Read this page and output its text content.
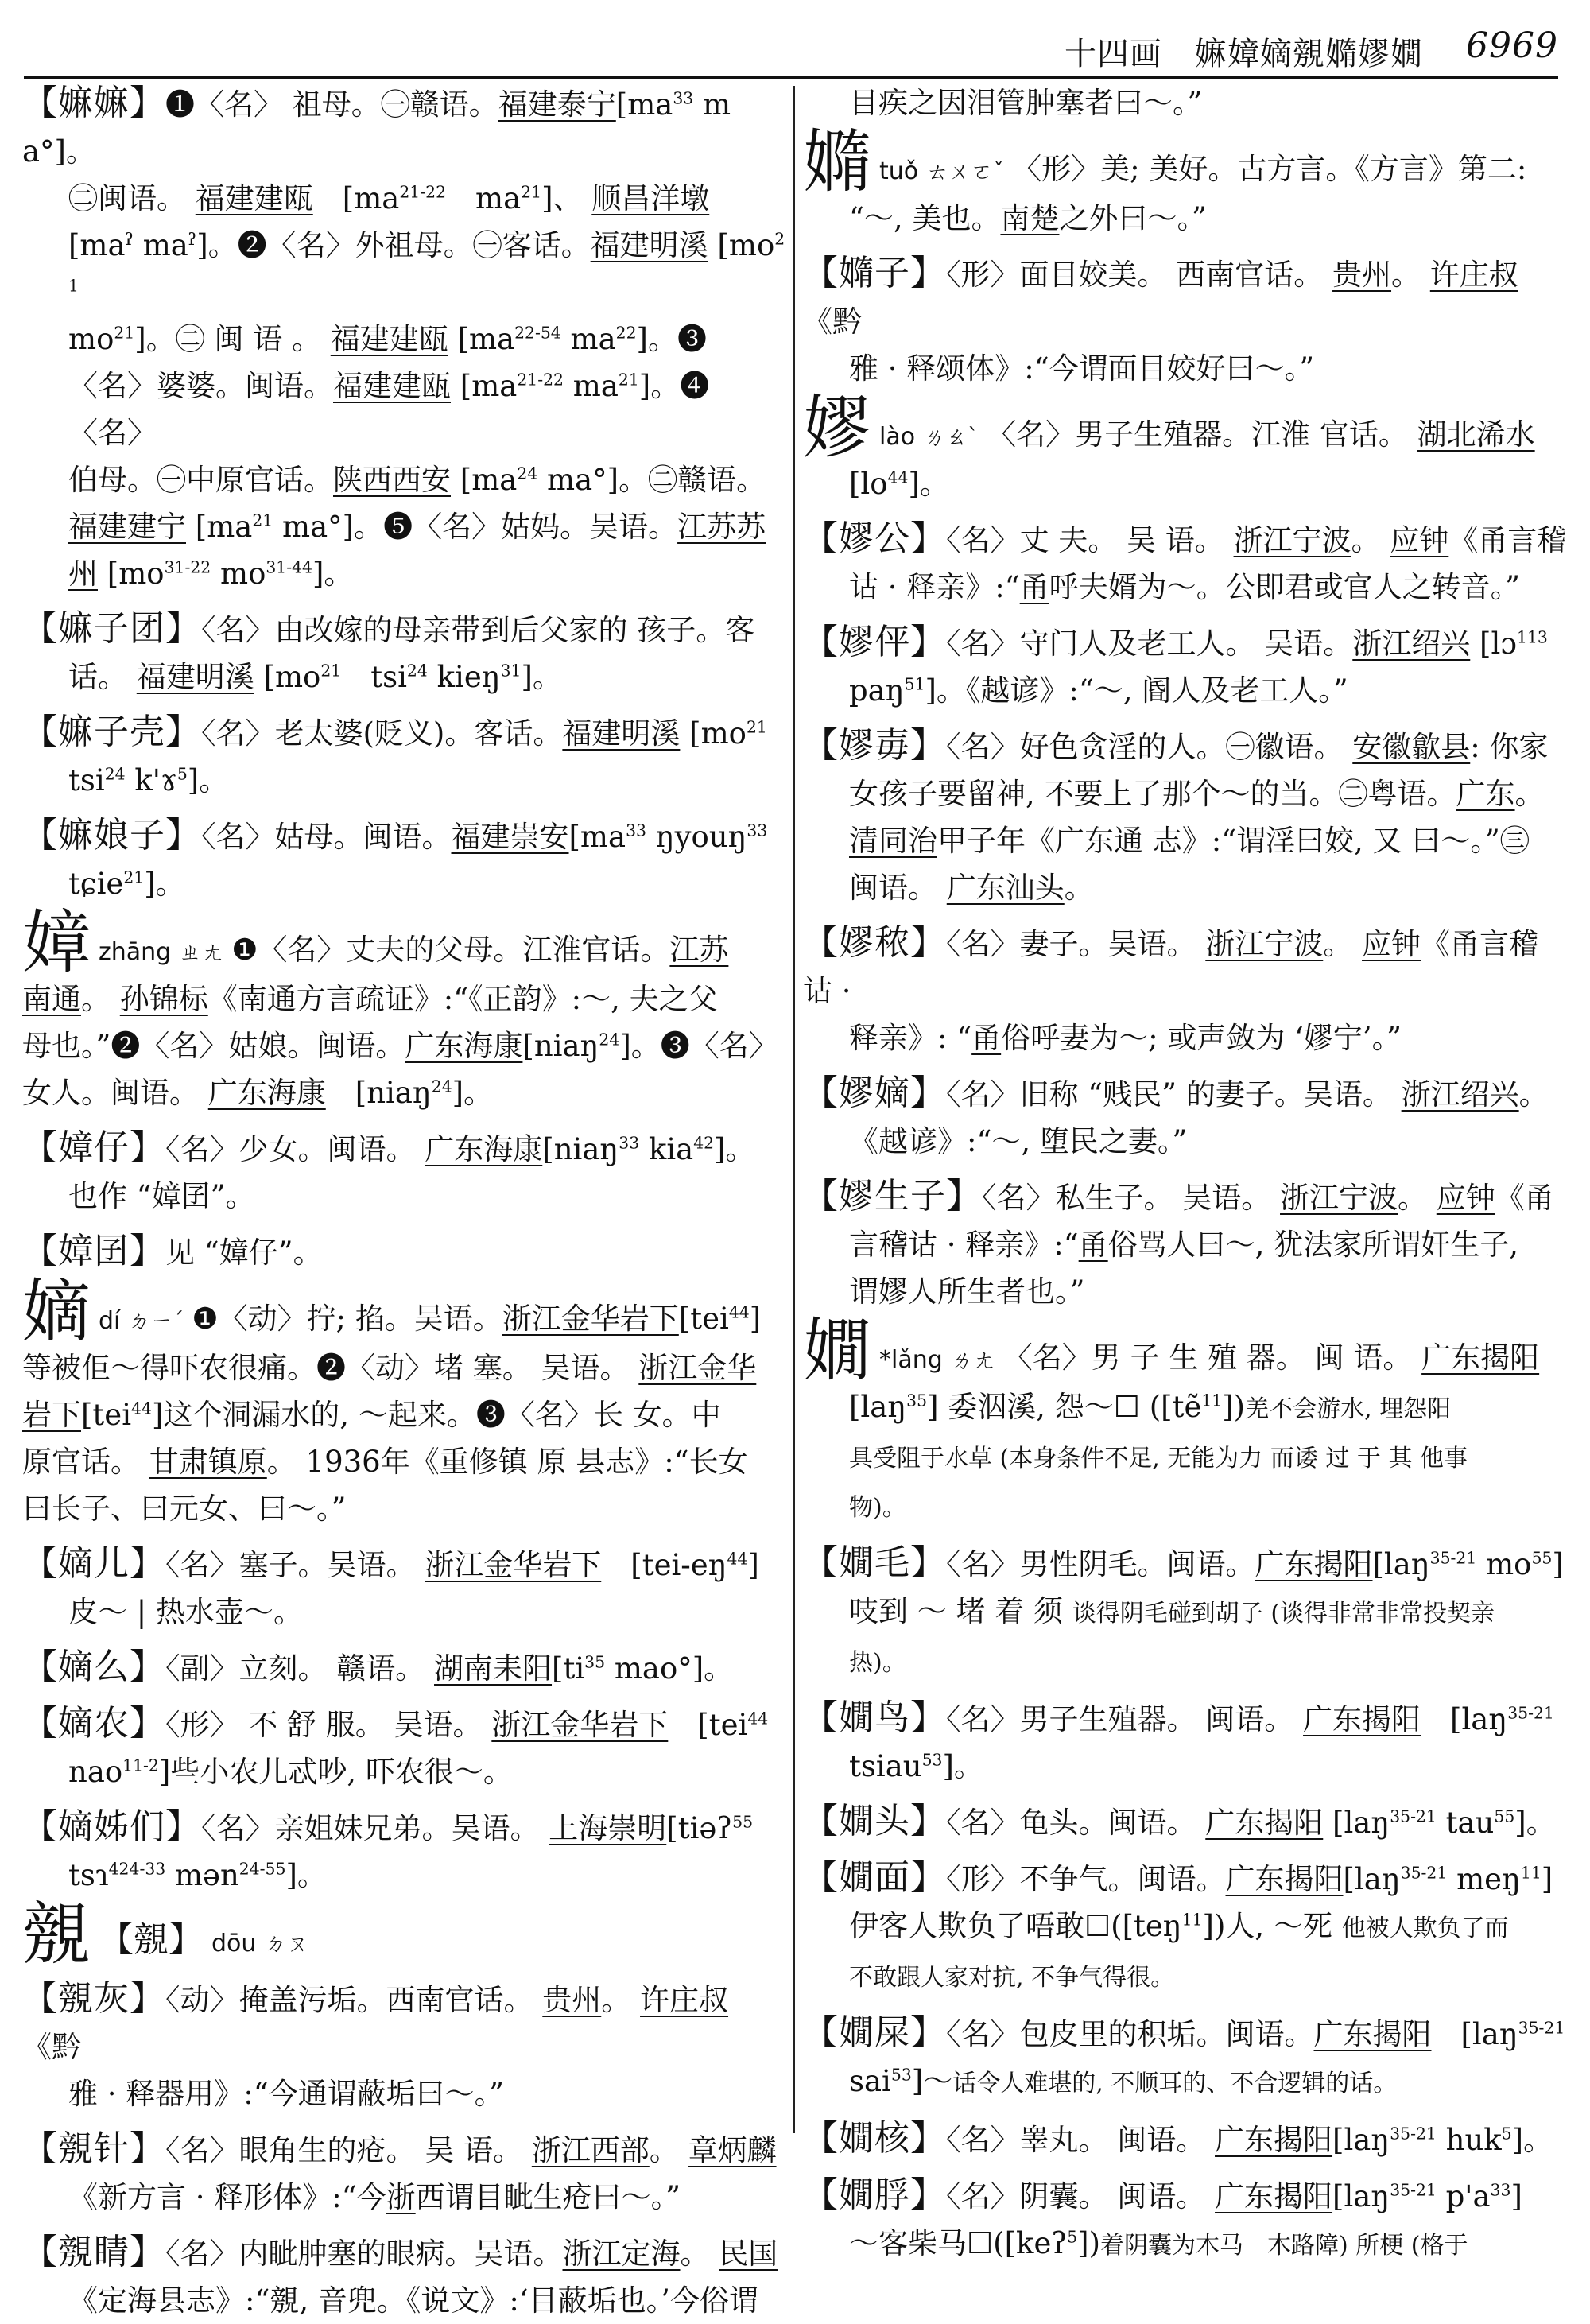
十四画　嫲嫜嫡覫嫷嫪嫺 6969
【嫲嫲】❶〈名〉 祖母。㊀赣语。福建泰宁[$ma^{33}$ ma°]。
㊁闽语。 福建建瓯　[$ma^{21-22}$　$ma^{21}$]、 顺昌洋墩
[maˀ maˀ]。❷〈名〉外祖母。㊀客话。福建明溪 [$mo^{21}$
$mo^{21}$]。㊁ 闽 语 。 福建建瓯 [$ma^{22-54}$ $ma^{22}$]。❸
〈名〉婆婆。闽语。福建建瓯 [$ma^{21-22}$ $ma^{21}$]。❹〈名〉
伯母。㊀中原官话。陕西西安 [$ma^{24}$ ma°]。㊁赣语。
福建建宁 [$ma^{21}$ ma°]。❺〈名〉姑妈。吴语。江苏苏
州 [$mo^{31-22}$ $mo^{31-44}$]。
【嫲子团】〈名〉由改嫁的母亲带到后父家的 孩子。客
话。 福建明溪 [$mo^{21}$　tsi$^{24}$ kieŋ$^{31}$]。
【嫲子壳】〈名〉老太婆(贬义)。客话。福建明溪 [$mo^{21}$
tsi$^{24}$ k'ɤ$^5$]。
【嫲娘子】〈名〉姑母。闽语。福建崇安[$ma^{33}$ ŋyouŋ$^{33}$
tɕie$^{21}$]。
嫜zhāng ㄓㄤ ❶〈名〉丈夫的父母。江淮官话。江苏
南通。 孙锦标《南通方言疏证》:“《正韵》:～, 夫之父
母也。”❷〈名〉姑娘。闽语。广东海康[niaŋ$^{24}$]。❸〈名〉
女人。闽语。 广东海康　[niaŋ$^{24}$]。
【嫜仔】〈名〉少女。闽语。 广东海康[niaŋ$^{33}$ kia$^{42}$]。
也作 “嫜囝”。
【嫜囝】见 “嫜仔”。
嫡dí ㄉㄧˊ ❶〈动〉拧; 掐。吴语。浙江金华岩下[tei$^{44}$]
等被佢～得吓农很痛。❷〈动〉堵 塞。 吴语。 浙江金华
岩下[tei$^{44}$]这个洞漏水的, ～起来。❸〈名〉长 女。中
原官话。 甘肃镇原。 1936年《重修镇 原 县志》:“长女
曰长子、曰元女、曰～。”
【嫡儿】〈名〉塞子。吴语。 浙江金华岩下　$[tei-eŋ^{44}]$
皮～ | 热水壶～。
【嫡么】〈副〉立刻。 赣语。 湖南耒阳[$ti^{35}$ mao°]。
【嫡农】〈形〉 不 舒 服。 吴语。 浙江金华岩下　[tei$^{44}$
nao$^{11-2}$]些小农儿忒吵, 吓农很～。
【嫡姊们】〈名〉亲姐妹兄弟。吴语。 上海崇明[tiəʔ$^{55}$
tsɿ$^{424-33}$ mən$^{24-55}$]。
覫 【覫】 dōu ㄉㄡ
【覫灰】〈动〉掩盖污垢。西南官话。 贵州。 许庄叔《黔
雅 · 释器用》:“今通谓蔽垢曰～。”
【覫针】〈名〉眼角生的疮。 吴 语。 浙江西部。 章炳麟
《新方言 · 释形体》:“今浙西谓目眦生疮曰～。”
【覫睛】〈名〉内眦肿塞的眼病。吴语。浙江定海。 民国
《定海县志》:“覫, 音兜。《说文》:‘目蔽垢也。’今俗谓
目疾之因泪管肿塞者曰～。”
嫷tuǒ ㄊㄨㄛˇ 〈形〉美; 美好。古方言。《方言》第二:
“～, 美也。南楚之外曰～。”
【嫷子】〈形〉面目姣美。 西南官话。 贵州。 许庄叔《黔
雅 · 释颂体》:“今谓面目姣好曰～。”
嫪lào ㄌㄠˋ 〈名〉男子生殖器。江淮 官话。 湖北浠水
$[lo^{44}]$。
【嫪公】〈名〉丈 夫。 吴 语。 浙江宁波。 应钟《甬言稽
诂 · 释亲》:“甬呼夫婿为～。公即君或官人之转音。”
【嫪伻】〈名〉守门人及老工人。 吴语。浙江绍兴 [lɔ$^{113}$
paŋ$^{51}$]。《越谚》:“～, 阍人及老工人。”
【嫪毐】〈名〉好色贪淫的人。㊀徽语。 安徽歙县: 你家
女孩子要留神, 不要上了那个～的当。㊁粤语。广东。
清同治甲子年《广东通 志》:“谓淫曰姣, 又 曰～。”㊂
闽语。 广东汕头。
【嫪秾】〈名〉妻子。吴语。 浙江宁波。 应钟《甬言稽诂 ·
释亲》: “甬俗呼妻为～; 或声敛为 ‘嫪宁’。”
【嫪嫡】〈名〉旧称 “贱民” 的妻子。吴语。 浙江绍兴。
《越谚》:“～, 堕民之妻。”
【嫪生子】〈名〉私生子。 吴语。 浙江宁波。 应钟《甬
言稽诂 · 释亲》:“甬俗骂人曰～, 犹法家所谓奸生子,
谓嫪人所生者也。”
嫺 *lǎng ㄌㄤ 〈名〉男 子 生 殖 器。 闽 语。 广东揭阳
[laŋ$^{35}$] 委泅溪, 怨～☐ ([tẽ$^{11}$])羌不会游水, 埋怨阳
具受阻于水草 (本身条件不足, 无能为力 而诿 过 于 其 他事
物)。
【嫺毛】〈名〉男性阴毛。闽语。广东揭阳[laŋ$^{35-21}$ $mo^{55}$]
吱到 ～ 堵 着 须 谈得阴毛碰到胡子 (谈得非常非常投契亲
热)。
【嫺鸟】〈名〉男子生殖器。 闽语。 广东揭阳　[laŋ$^{35-21}$
tsiau$^{53}$]。
【嫺头】〈名〉龟头。闽语。 广东揭阳 [laŋ$^{35-21}$ tau$^{55}$]。
【嫺面】〈形〉不争气。闽语。广东揭阳[laŋ$^{35-21}$ meŋ$^{11}$]
伊客人欺负了唔敢☐([teŋ$^{11}$])人, ～死 他被人欺负了而
不敢跟人家对抗, 不争气得很。
【嫺屎】〈名〉包皮里的积垢。闽语。广东揭阳　[laŋ$^{35-21}$
sai$^{53}$]～话令人难堪的, 不顺耳的、不合逻辑的话。
【嫺核】〈名〉睾丸。 闽语。 广东揭阳[laŋ$^{35-21}$ huk$^5$]。
【嫺脬】〈名〉阴囊。 闽语。 广东揭阳[laŋ$^{35-21}$ $p'a^{33}$]
～客柴马☐([keʔ$^5$])着阴囊为木马　木路障) 所梗 (格于
